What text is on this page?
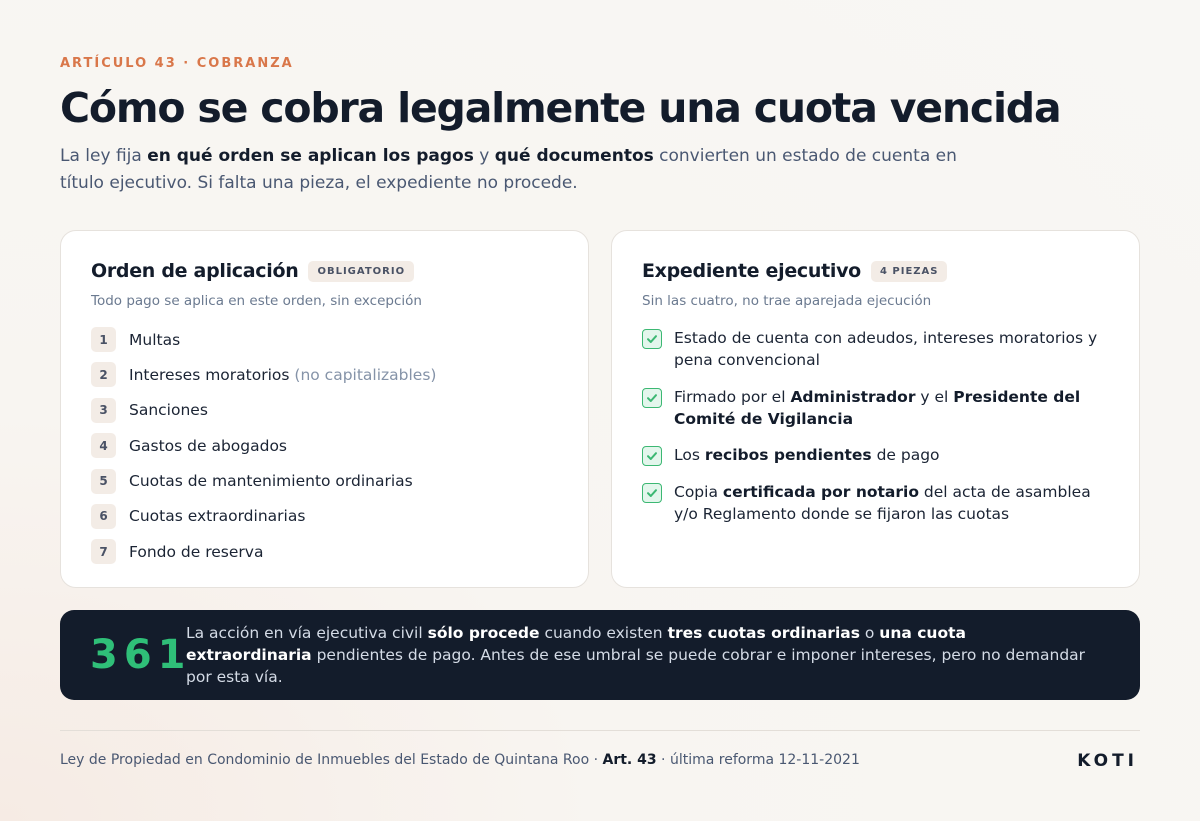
ARTÍCULO 43 · COBRANZA
Cómo se cobra legalmente una cuota vencida

La ley fija en qué orden se aplican los pagos y qué documentos convierten un estado de cuenta en título ejecutivo. Si falta una pieza, el expediente no procede.

Orden de aplicación	OBLIGATORIO

Todo pago se aplica en este orden, sin excepción

1	Multas
2	Intereses moratorios (no capitalizables)
3	Sanciones
4	Gastos de abogados
5	Cuotas de mantenimiento ordinarias
6	Cuotas extraordinarias
7	Fondo de reserva
Expediente ejecutivo	4 PIEZAS

Sin las cuatro, no trae aparejada ejecución

Estado de cuenta con adeudos, intereses moratorios y pena convencional
Firmado por el Administrador y el Presidente del Comité de Vigilancia
Los recibos pendientes de pago
Copia certificada por notario del acta de asamblea y/o Reglamento donde se fijaron las cuotas
361

La acción en vía ejecutiva civil sólo procede cuando existen tres cuotas ordinarias o una cuota extraordinaria pendientes de pago. Antes de ese umbral se puede cobrar e imponer intereses, pero no demandar por esta vía.

Ley de Propiedad en Condominio de Inmuebles del Estado de Quintana Roo · Art. 43 · última reforma 12-11-2021	KOTI
